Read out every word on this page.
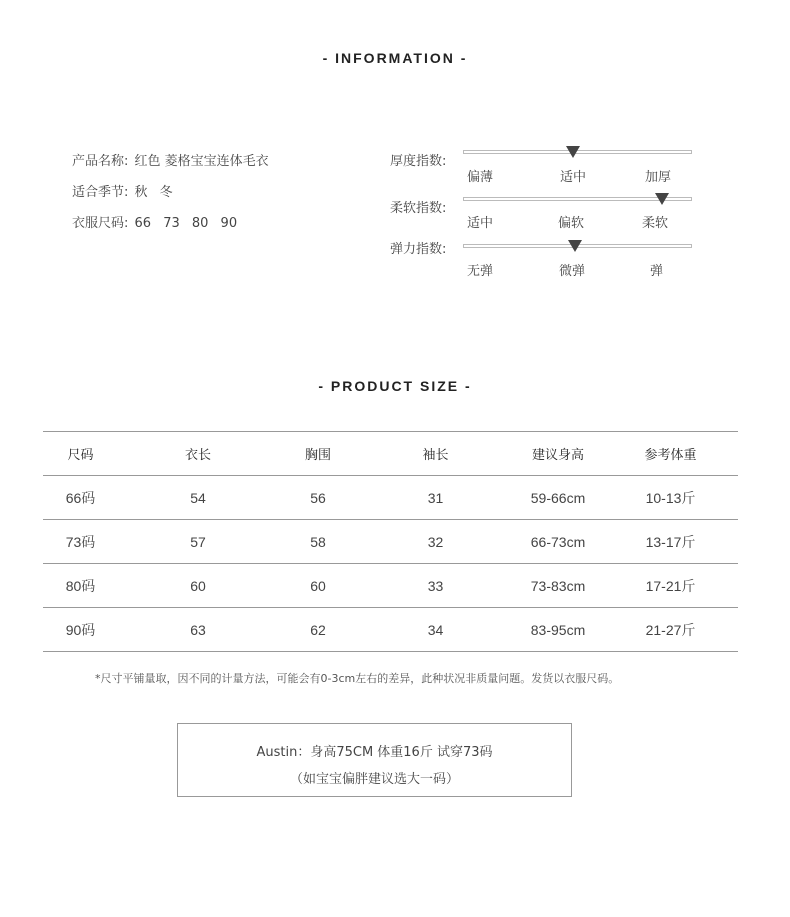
- INFORMATION -
产品名称: 红色 菱格宝宝连体毛衣
适合季节: 秋 冬
衣服尺码: 66 73 80 90
厚度指数:
偏薄	适中	加厚
柔软指数:
适中	偏软	柔软
弹力指数:
无弹	微弹	弹
- PRODUCT SIZE -
尺码	衣长	胸围	袖长	建议身高	参考体重
66码	54	56	31	59-66cm	10-13斤
73码	57	58	32	66-73cm	13-17斤
80码	60	60	33	73-83cm	17-21斤
90码	63	62	34	83-95cm	21-27斤
*尺寸平铺量取，因不同的计量方法，可能会有0-3cm左右的差异，此种状况非质量问题。发货以衣服尺码。
Austin：身高75CM 体重16斤 试穿73码
（如宝宝偏胖建议选大一码）
